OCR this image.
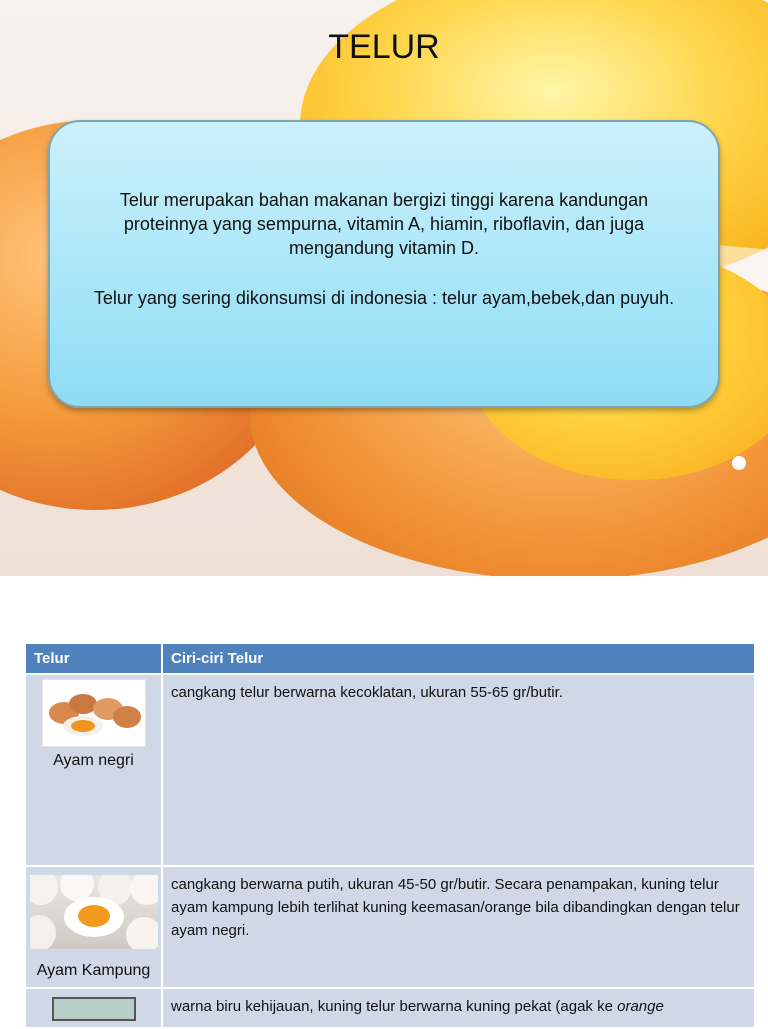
TELUR

Telur merupakan bahan makanan bergizi tinggi karena kandungan proteinnya yang sempurna, vitamin A, hiamin, riboflavin, dan juga mengandung vitamin D.

Telur yang sering dikonsumsi di indonesia : telur ayam,bebek,dan puyuh.

Telur	Ciri-ciri Telur

Ayam negri	cangkang telur berwarna kecoklatan, ukuran 55-65 gr/butir.

Ayam Kampung	cangkang berwarna putih, ukuran 45-50 gr/butir. Secara penampakan, kuning telur ayam kampung lebih terlihat kuning keemasan/orange bila dibandingkan dengan telur ayam negri.

	warna biru kehijauan, kuning telur berwarna kuning pekat (agak ke orange
